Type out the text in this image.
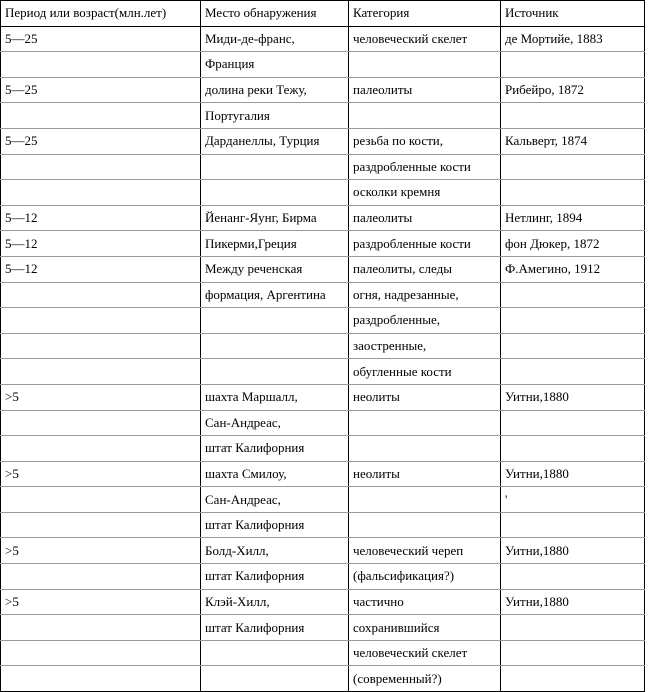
Период или возраст(млн.лет)	Место обнаружения	Категория	Источник
5—25	Миди-де-франс,	человеческий скелет	де Мортийе, 1883
	Франция		
5—25	долина реки Тежу,	палеолиты	Рибейро, 1872
	Португалия		
5—25	Дарданеллы, Турция	резьба по кости,	Кальверт, 1874
		раздробленные кости	
		осколки кремня	
5—12	Йенанг-Яунг, Бирма	палеолиты	Нетлинг, 1894
5—12	Пикерми,Греция	раздробленные кости	фон Дюкер, 1872
5—12	Между реченская	палеолиты, следы	Ф.Амегино, 1912
	формация, Аргентина	огня, надрезанные,	
		раздробленные,	
		заостренные,	
		обугленные кости	
>5	шахта Маршалл,	неолиты	Уитни,1880
	Сан-Андреас,		
	штат Калифорния		
>5	шахта Смилоу,	неолиты	Уитни,1880
	Сан-Андреас,		'
	штат Калифорния		
>5	Болд-Хилл,	человеческий череп	Уитни,1880
	штат Калифорния	(фальсификация?)	
>5	Клэй-Хилл,	частично	Уитни,1880
	штат Калифорния	сохранившийся	
		человеческий скелет	
		(современный?)	
